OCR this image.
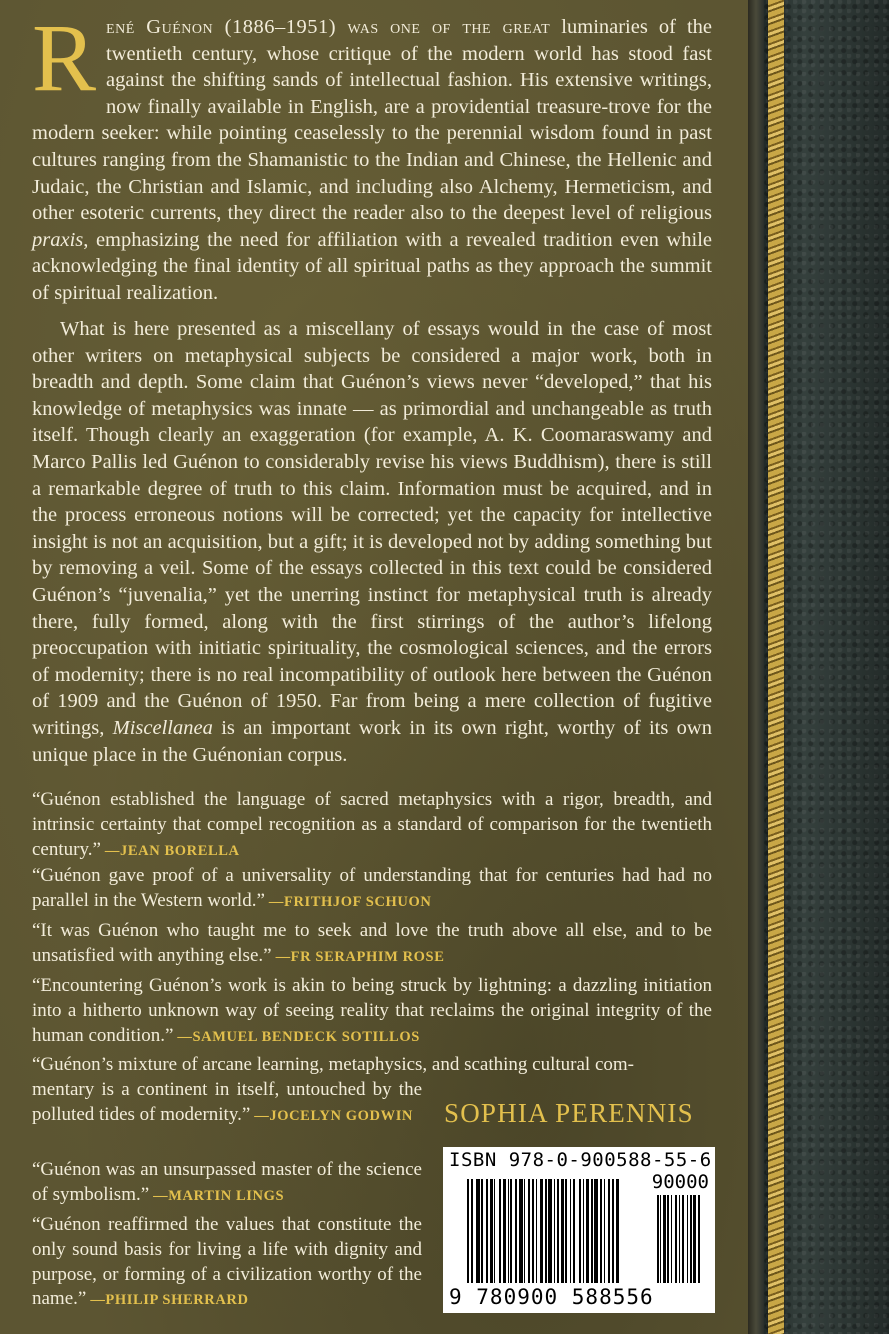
René Guénon (1886–1951) was one of the great luminaries of the twentieth century, whose critique of the modern world has stood fast against the shifting sands of intellectual fashion. His extensive writings, now finally available in English, are a providential treasure-trove for the modern seeker: while pointing ceaselessly to the perennial wisdom found in past cultures ranging from the Shamanistic to the Indian and Chinese, the Hellenic and Judaic, the Christian and Islamic, and including also Alchemy, Hermeticism, and other esoteric currents, they direct the reader also to the deepest level of religious praxis, emphasizing the need for affiliation with a revealed tradition even while acknowledging the final identity of all spiritual paths as they approach the summit of spiritual realization.

What is here presented as a miscellany of essays would in the case of most other writers on metaphysical subjects be considered a major work, both in breadth and depth. Some claim that Guénon’s views never “developed,” that his knowledge of metaphysics was innate — as primordial and unchangeable as truth itself. Though clearly an exaggeration (for example, A. K. Coomaraswamy and Marco Pallis led Guénon to considerably revise his views Buddhism), there is still a remarkable degree of truth to this claim. Information must be acquired, and in the process erroneous notions will be corrected; yet the capacity for intellective insight is not an acquisition, but a gift; it is developed not by adding something but by removing a veil. Some of the essays collected in this text could be considered Guénon’s “juvenalia,” yet the unerring instinct for metaphysical truth is already there, fully formed, along with the first stirrings of the author’s lifelong preoccupation with initiatic spirituality, the cosmological sciences, and the errors of modernity; there is no real incompatibility of outlook here between the Guénon of 1909 and the Guénon of 1950. Far from being a mere collection of fugitive writings, Miscellanea is an important work in its own right, worthy of its own unique place in the Guénonian corpus.

“Guénon established the language of sacred metaphysics with a rigor, breadth, and intrinsic certainty that compel recognition as a standard of comparison for the twentieth century.” —JEAN BORELLA

“Guénon gave proof of a universality of understanding that for centuries had had no parallel in the Western world.” —FRITHJOF SCHUON

“It was Guénon who taught me to seek and love the truth above all else, and to be unsatisfied with anything else.” —FR SERAPHIM ROSE

“Encountering Guénon’s work is akin to being struck by lightning: a dazzling initiation into a hitherto unknown way of seeing reality that reclaims the original integrity of the human condition.” —SAMUEL BENDECK SOTILLOS

“Guénon’s mixture of arcane learning, metaphysics, and scathing cultural com-
mentary is a continent in itself, untouched by the polluted tides of modernity.” —JOCELYN GODWIN

“Guénon was an unsurpassed master of the science of symbolism.” —MARTIN LINGS

“Guénon reaffirmed the values that constitute the only sound basis for living a life with dignity and purpose, or forming of a civilization worthy of the name.” —PHILIP SHERRARD

SOPHIA PERENNIS
ISBN 978-0-900588-55-6
90000
9 780900 588556
